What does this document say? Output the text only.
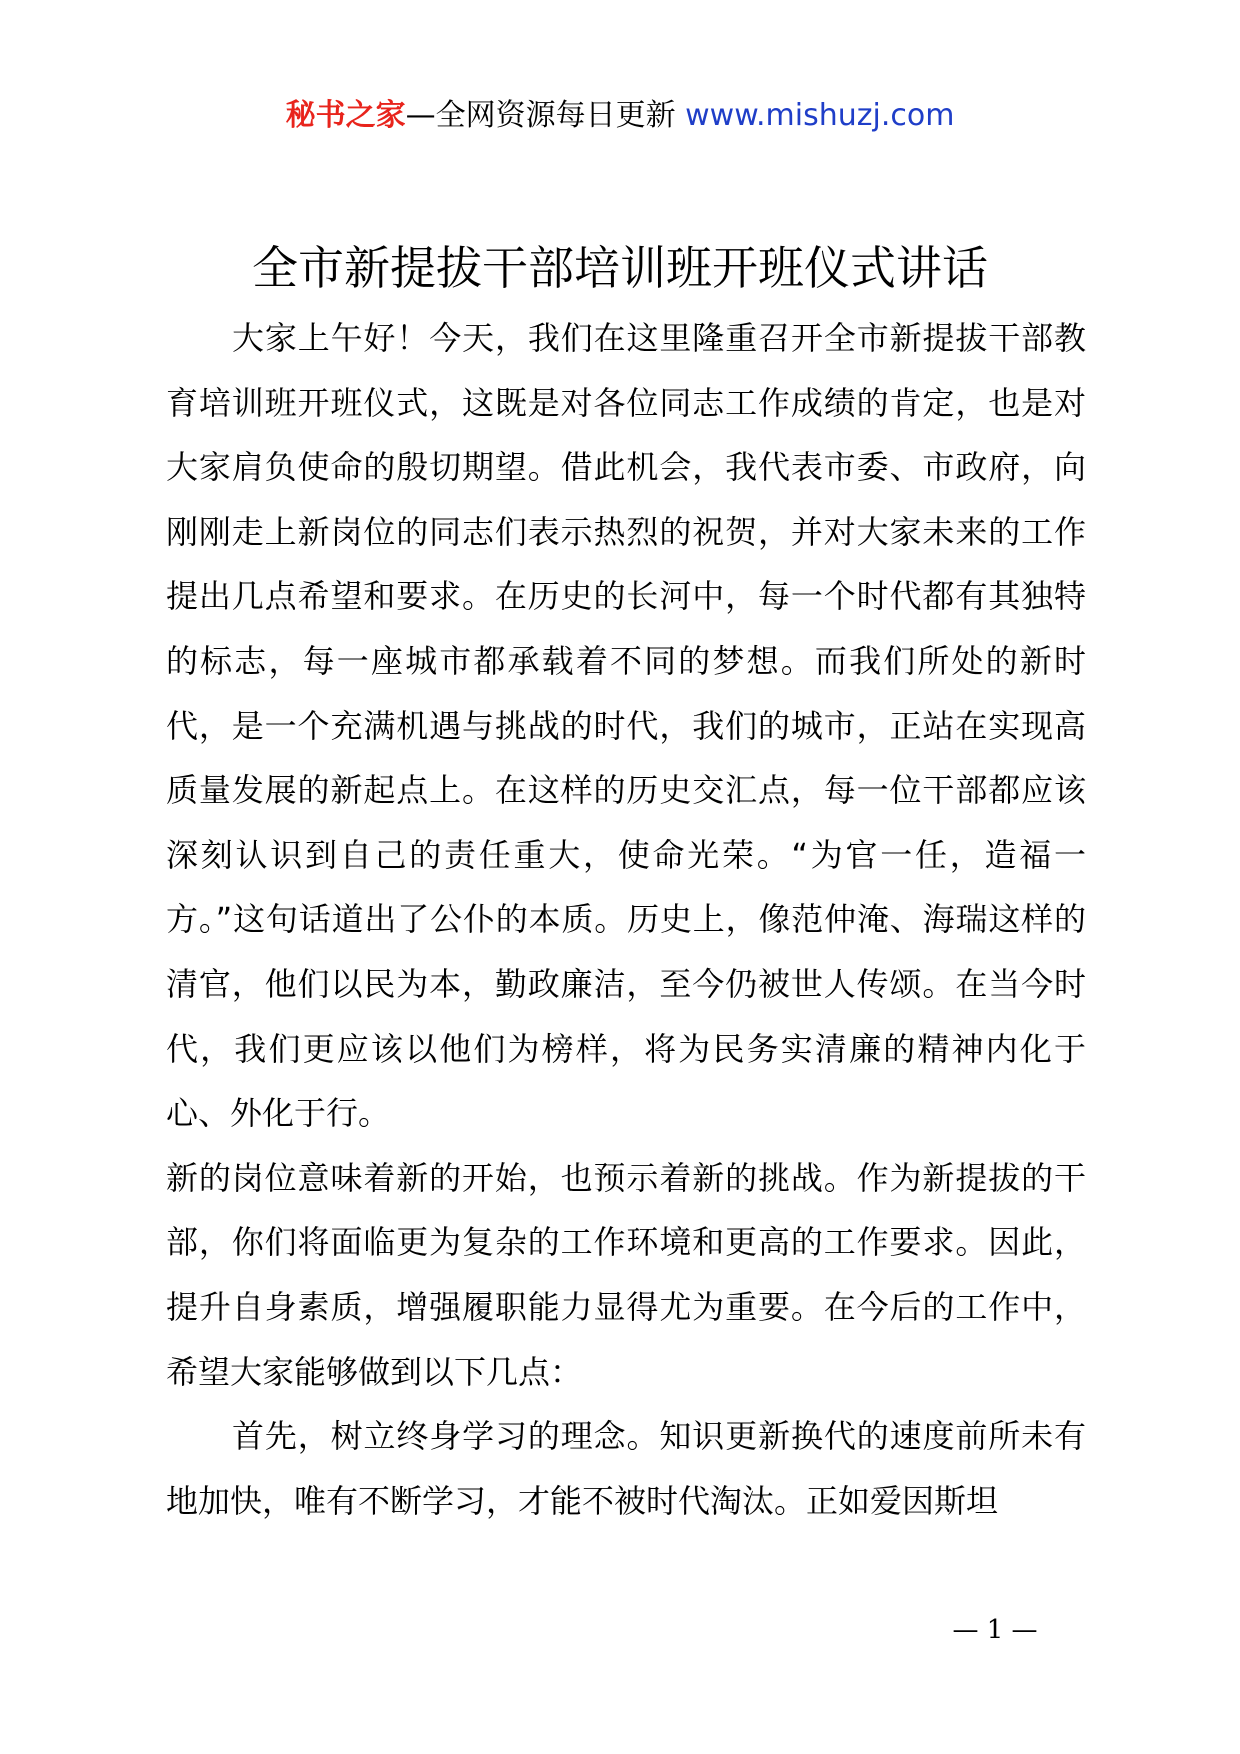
秘书之家—全网资源每日更新 www.mishuzj.com
全市新提拔干部培训班开班仪式讲话

大家上午好！今天，我们在这里隆重召开全市新提拔干部教育培训班开班仪式，这既是对各位同志工作成绩的肯定，也是对大家肩负使命的殷切期望。借此机会，我代表市委、市政府，向刚刚走上新岗位的同志们表示热烈的祝贺，并对大家未来的工作提出几点希望和要求。在历史的长河中，每一个时代都有其独特的标志，每一座城市都承载着不同的梦想。而我们所处的新时代，是一个充满机遇与挑战的时代，我们的城市，正站在实现高质量发展的新起点上。在这样的历史交汇点，每一位干部都应该深刻认识到自己的责任重大，使命光荣。“为官一任，造福一方。”这句话道出了公仆的本质。历史上，像范仲淹、海瑞这样的清官，他们以民为本，勤政廉洁，至今仍被世人传颂。在当今时代，我们更应该以他们为榜样，将为民务实清廉的精神内化于心、外化于行。

新的岗位意味着新的开始，也预示着新的挑战。作为新提拔的干部，你们将面临更为复杂的工作环境和更高的工作要求。因此，提升自身素质，增强履职能力显得尤为重要。在今后的工作中，希望大家能够做到以下几点：

首先，树立终身学习的理念。知识更新换代的速度前所未有地加快，唯有不断学习，才能不被时代淘汰。正如爱因斯坦

— 1 —
